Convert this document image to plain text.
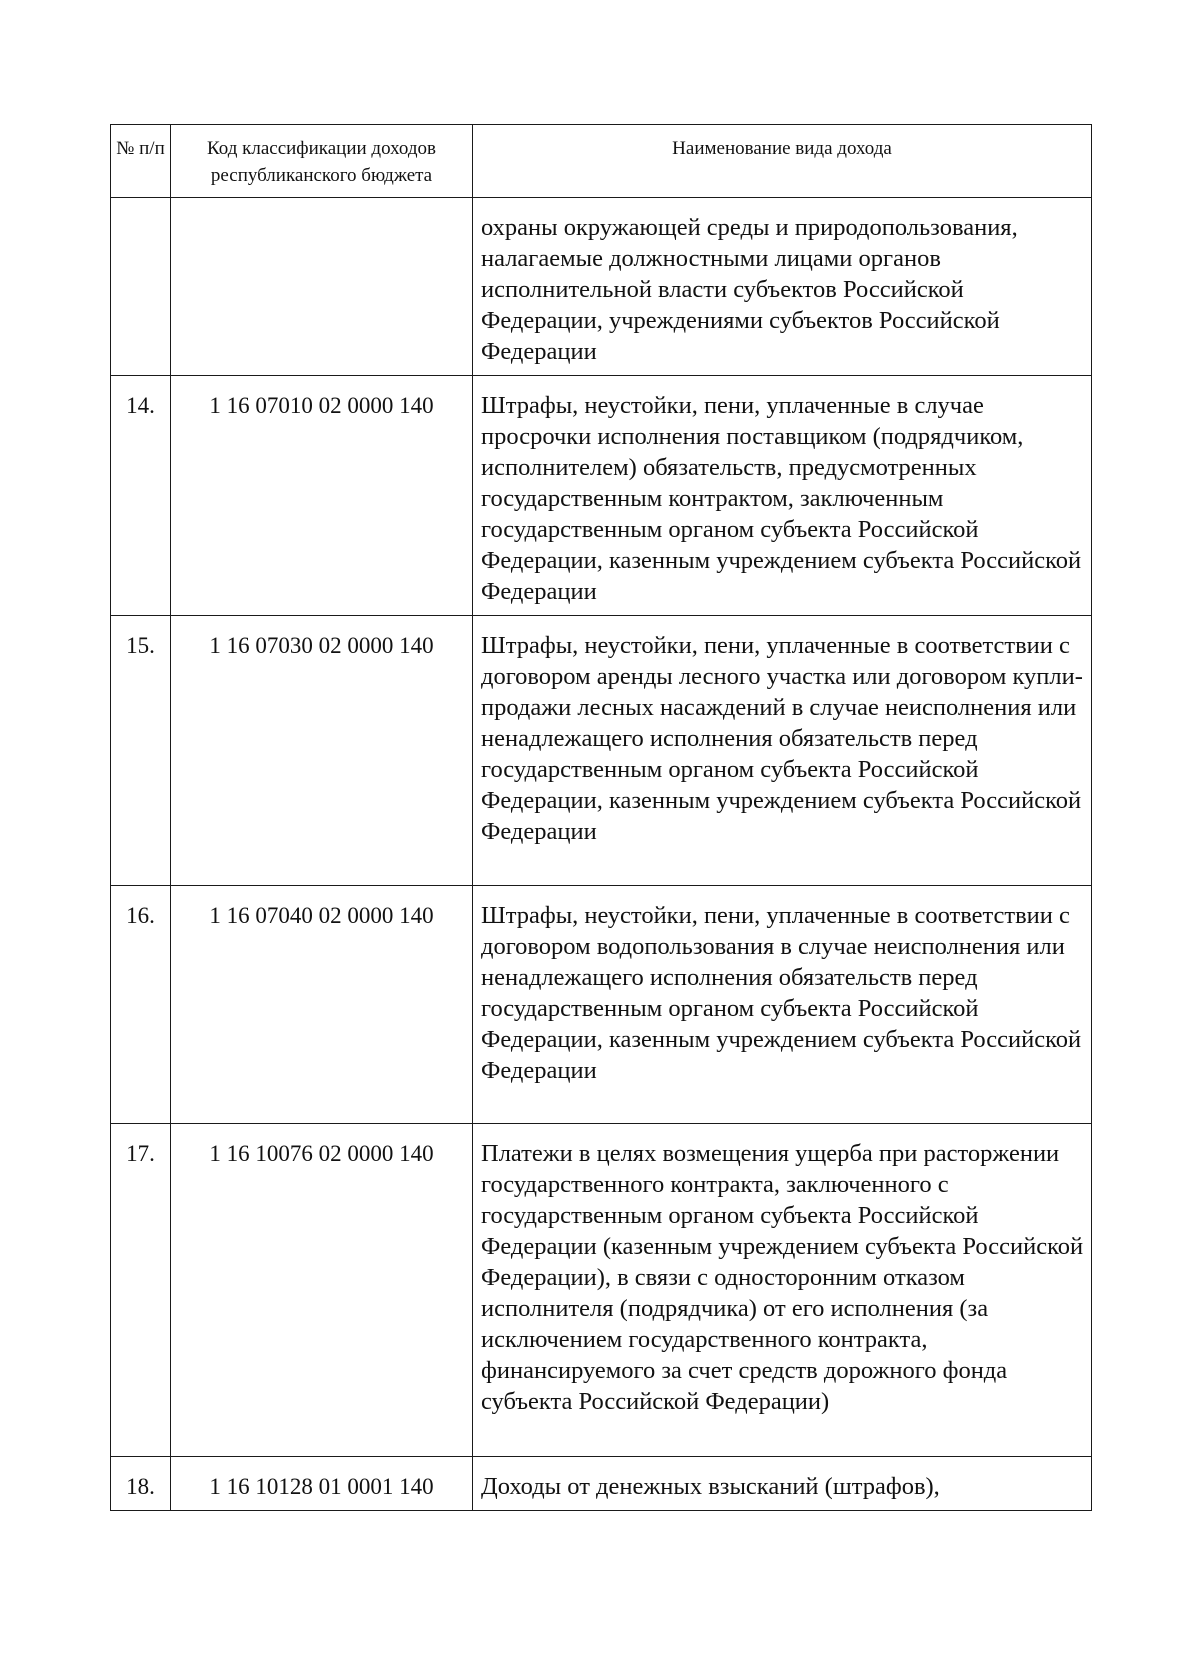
№ п/п	Код классификации доходов республиканского бюджета	Наименование вида дохода
		охраны окружающей среды и природопользования, налагаемые должностными лицами органов исполнительной власти субъектов Российской Федерации, учреждениями субъектов Российской Федерации
14.	1 16 07010 02 0000 140	Штрафы, неустойки, пени, уплаченные в случае просрочки исполнения поставщиком (подрядчиком, исполнителем) обязательств, предусмотренных государственным контрактом, заключенным государственным органом субъекта Российской Федерации, казенным учреждением субъекта Российской Федерации
15.	1 16 07030 02 0000 140	Штрафы, неустойки, пени, уплаченные в соответствии с договором аренды лесного участка или договором купли-продажи лесных насаждений в случае неисполнения или ненадлежащего исполнения обязательств перед государственным органом субъекта Российской Федерации, казенным учреждением субъекта Российской Федерации
16.	1 16 07040 02 0000 140	Штрафы, неустойки, пени, уплаченные в соответствии с договором водопользования в случае неисполнения или ненадлежащего исполнения обязательств перед государственным органом субъекта Российской Федерации, казенным учреждением субъекта Российской Федерации
17.	1 16 10076 02 0000 140	Платежи в целях возмещения ущерба при расторжении государственного контракта, заключенного с государственным органом субъекта Российской Федерации (казенным учреждением субъекта Российской Федерации), в связи с односторонним отказом исполнителя (подрядчика) от его исполнения (за исключением государственного контракта, финансируемого за счет средств дорожного фонда субъекта Российской Федерации)
18.	1 16 10128 01 0001 140	Доходы от денежных взысканий (штрафов),
